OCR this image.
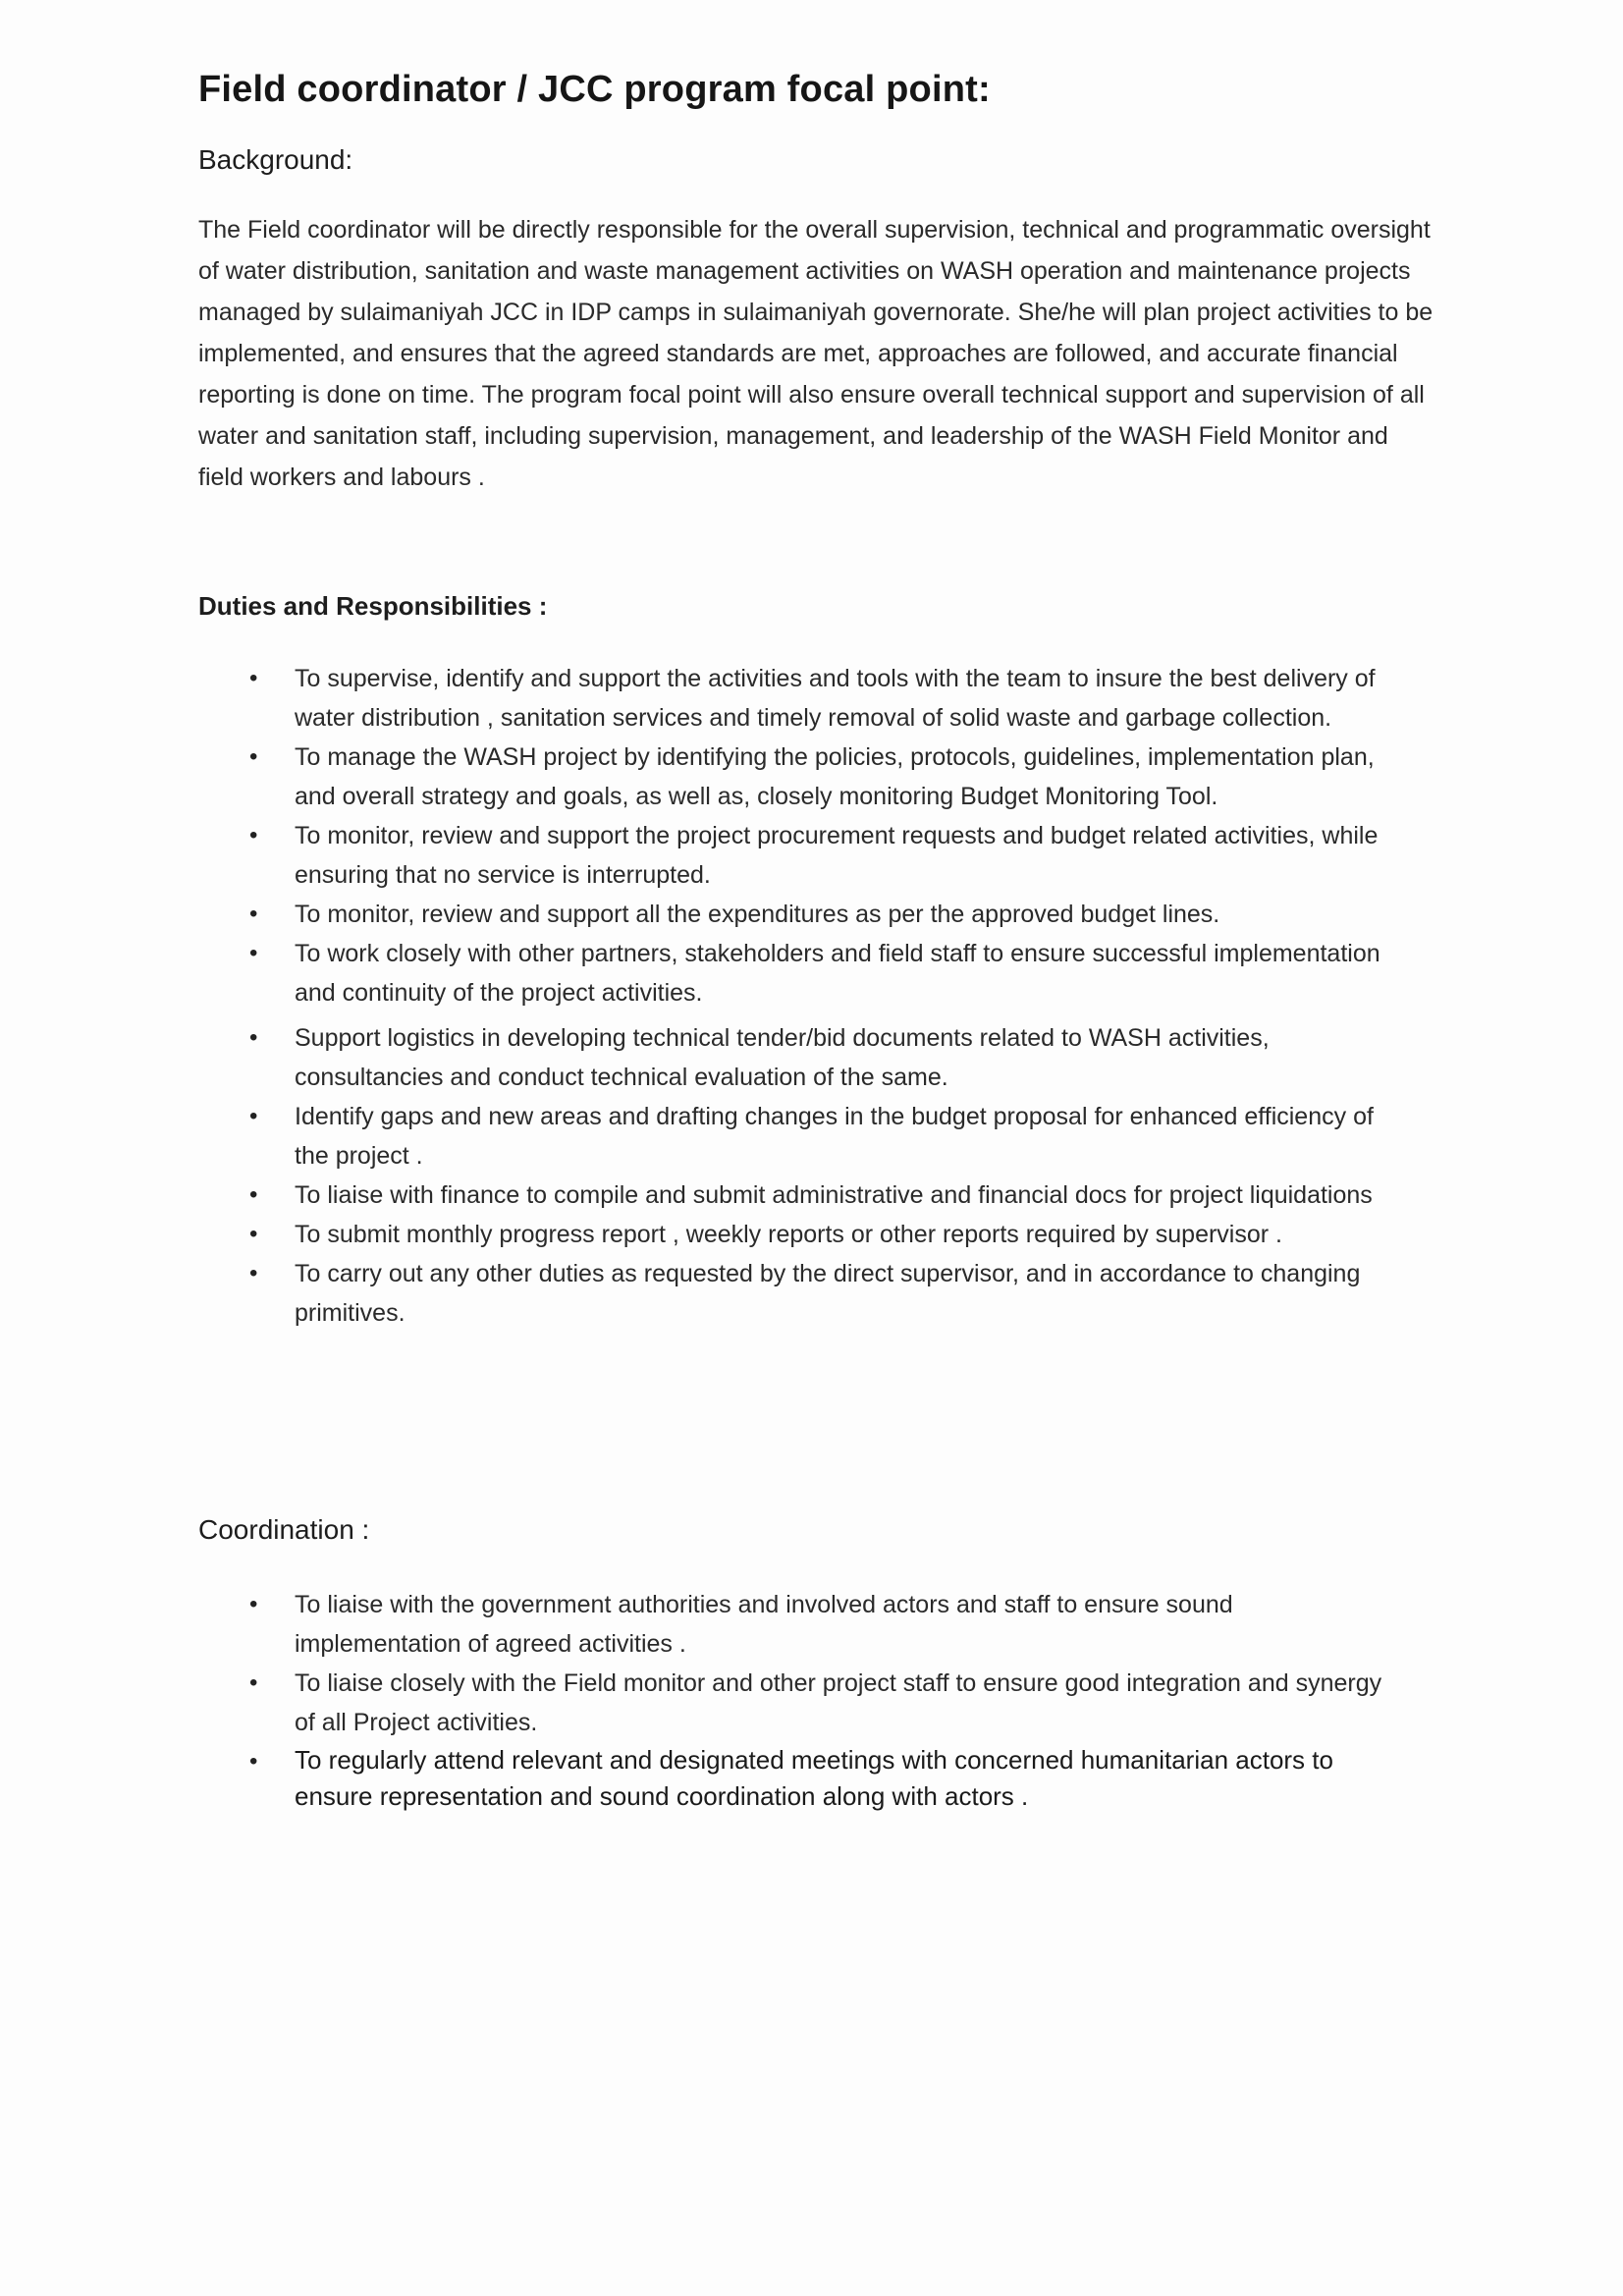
Field coordinator / JCC program focal point:
Background:

The Field coordinator will be directly responsible for the overall supervision, technical and programmatic oversight of water distribution, sanitation and waste management activities on WASH operation and maintenance projects managed by sulaimaniyah JCC in IDP camps in sulaimaniyah governorate. She/he will plan project activities to be implemented, and ensures that the agreed standards are met, approaches are followed, and accurate financial reporting is done on time. The program focal point will also ensure overall technical support and supervision of all water and sanitation staff, including supervision, management, and leadership of the WASH Field Monitor and field workers and labours .

Duties and Responsibilities :
• To supervise, identify and support the activities and tools with the team to insure the best delivery of water distribution , sanitation services and timely removal of solid waste and garbage collection.
• To manage the WASH project by identifying the policies, protocols, guidelines, implementation plan, and overall strategy and goals, as well as, closely monitoring Budget Monitoring Tool.
• To monitor, review and support the project procurement requests and budget related activities, while ensuring that no service is interrupted.
• To monitor, review and support all the expenditures as per the approved budget lines.
• To work closely with other partners, stakeholders and field staff to ensure successful implementation and continuity of the project activities.
• Support logistics in developing technical tender/bid documents related to WASH activities, consultancies and conduct technical evaluation of the same.
• Identify gaps and new areas and drafting changes in the budget proposal for enhanced efficiency of the project .
• To liaise with finance to compile and submit administrative and financial docs for project liquidations
• To submit monthly progress report , weekly reports or other reports required by supervisor .
• To carry out any other duties as requested by the direct supervisor, and in accordance to changing primitives.
Coordination :
• To liaise with the government authorities and involved actors and staff to ensure sound implementation of agreed activities .
• To liaise closely with the Field monitor and other project staff to ensure good integration and synergy of all Project activities.
• To regularly attend relevant and designated meetings with concerned humanitarian actors to ensure representation and sound coordination along with actors .
